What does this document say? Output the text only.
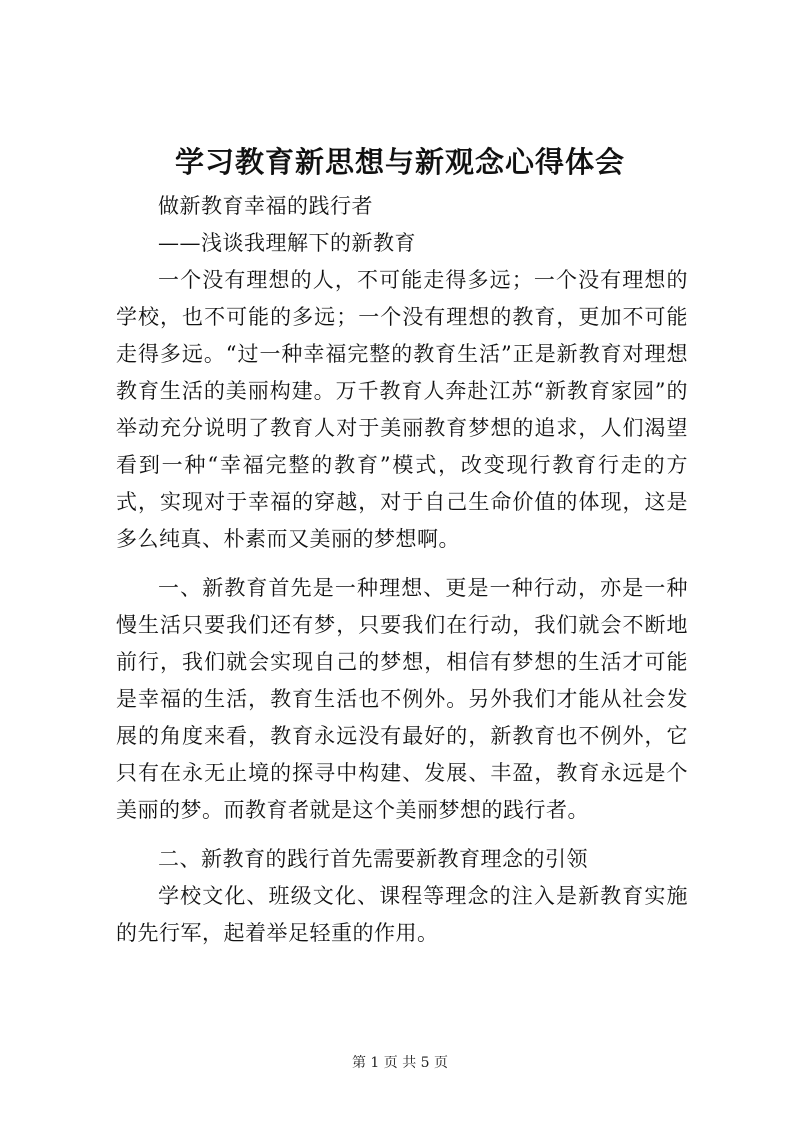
学习教育新思想与新观念心得体会

做新教育幸福的践行者

——浅谈我理解下的新教育

一个没有理想的人，不可能走得多远；一个没有理想的学校，也不可能的多远；一个没有理想的教育，更加不可能走得多远。“过一种幸福完整的教育生活”正是新教育对理想教育生活的美丽构建。万千教育人奔赴江苏“新教育家园”的举动充分说明了教育人对于美丽教育梦想的追求，人们渴望看到一种“幸福完整的教育”模式，改变现行教育行走的方式，实现对于幸福的穿越，对于自己生命价值的体现，这是多么纯真、朴素而又美丽的梦想啊。

一、新教育首先是一种理想、更是一种行动，亦是一种慢生活只要我们还有梦，只要我们在行动，我们就会不断地前行，我们就会实现自己的梦想，相信有梦想的生活才可能是幸福的生活，教育生活也不例外。另外我们才能从社会发展的角度来看，教育永远没有最好的，新教育也不例外，它只有在永无止境的探寻中构建、发展、丰盈，教育永远是个美丽的梦。而教育者就是这个美丽梦想的践行者。

二、新教育的践行首先需要新教育理念的引领

学校文化、班级文化、课程等理念的注入是新教育实施的先行军，起着举足轻重的作用。

第 1 页 共 5 页
